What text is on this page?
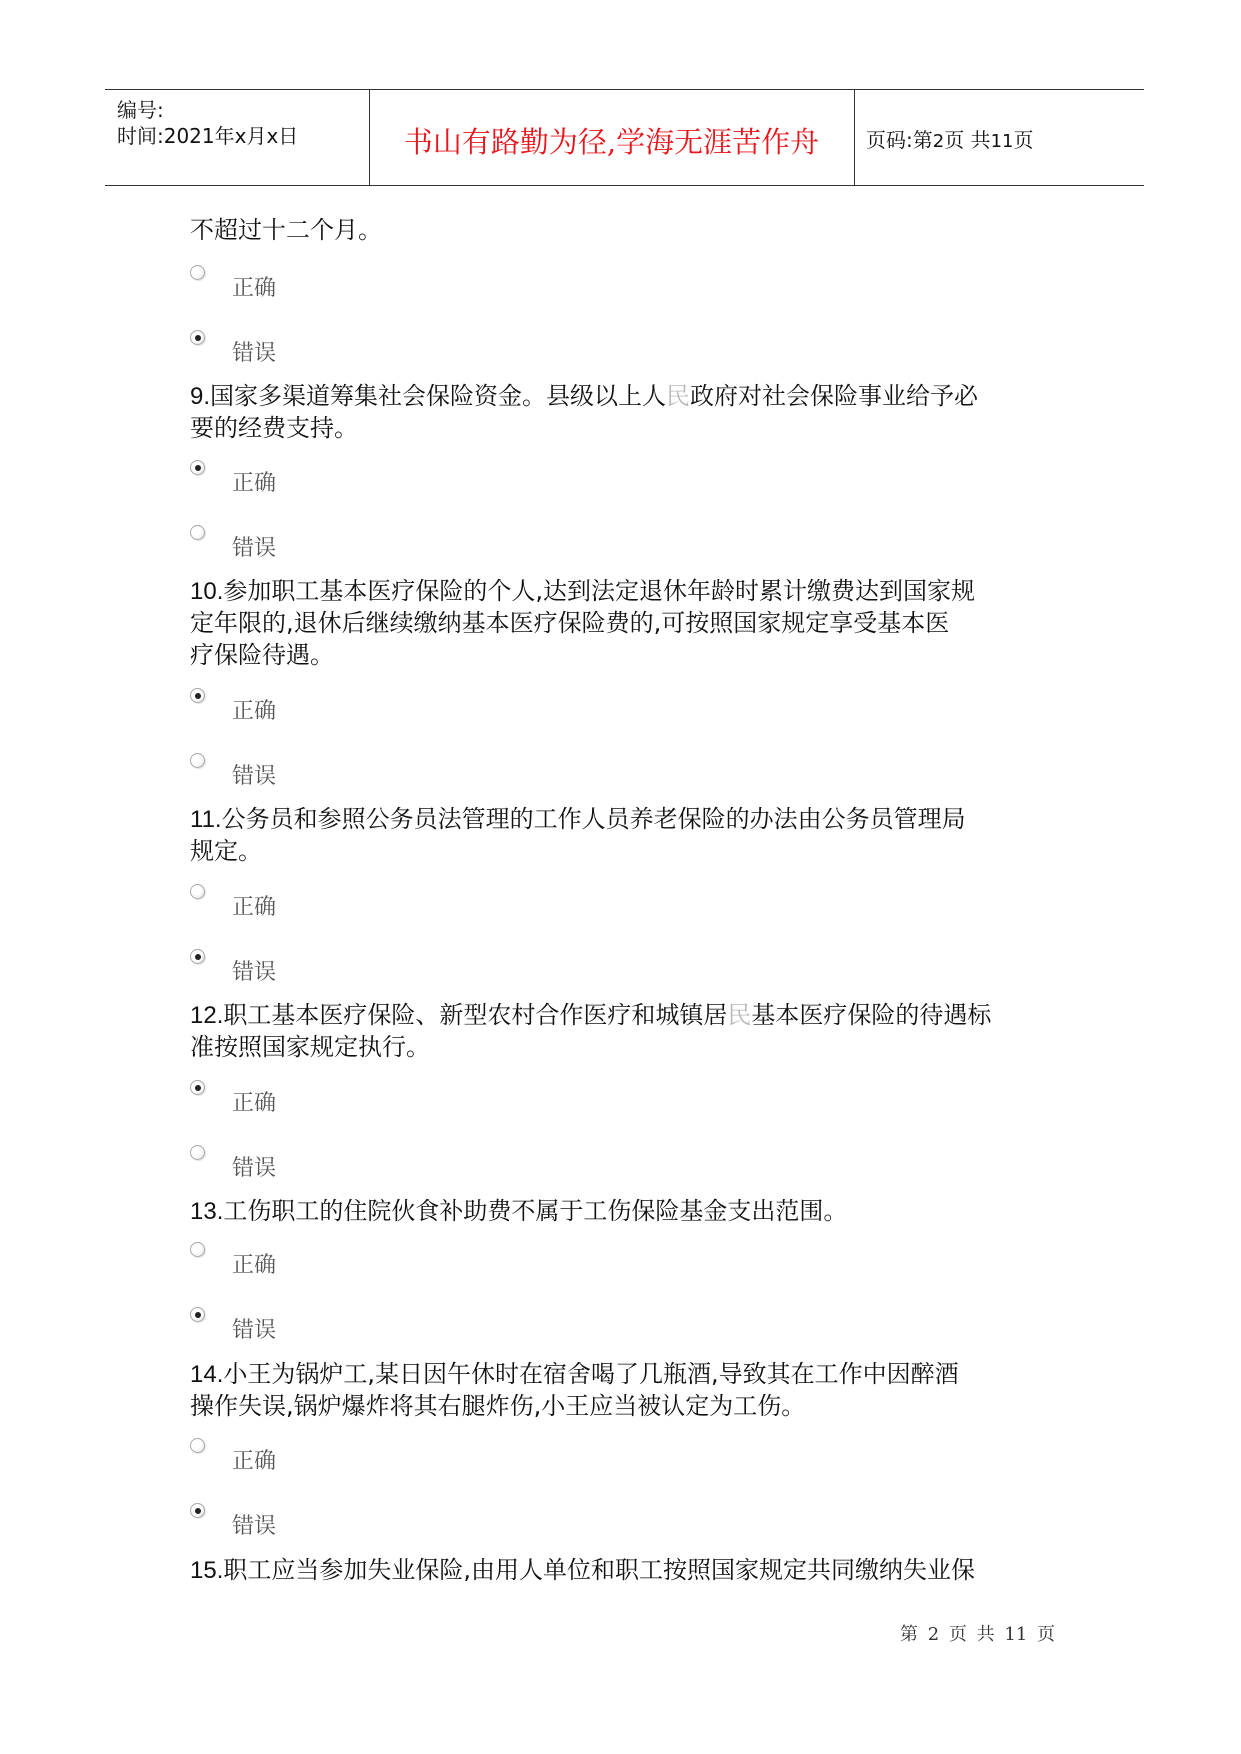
编号:
时间:2021年x月x日	书山有路勤为径,学海无涯苦作舟	页码:第2页 共11页
不超过十二个月。
正确
错误
9.国家多渠道筹集社会保险资金。县级以上人民政府对社会保险事业给予必
要的经费支持。
正确
错误
10.参加职工基本医疗保险的个人,达到法定退休年龄时累计缴费达到国家规
定年限的,退休后继续缴纳基本医疗保险费的,可按照国家规定享受基本医
疗保险待遇。
正确
错误
11.公务员和参照公务员法管理的工作人员养老保险的办法由公务员管理局
规定。
正确
错误
12.职工基本医疗保险、新型农村合作医疗和城镇居民基本医疗保险的待遇标
准按照国家规定执行。
正确
错误
13.工伤职工的住院伙食补助费不属于工伤保险基金支出范围。
正确
错误
14.小王为锅炉工,某日因午休时在宿舍喝了几瓶酒,导致其在工作中因醉酒
操作失误,锅炉爆炸将其右腿炸伤,小王应当被认定为工伤。
正确
错误
15.职工应当参加失业保险,由用人单位和职工按照国家规定共同缴纳失业保
第 2 页 共 11 页
